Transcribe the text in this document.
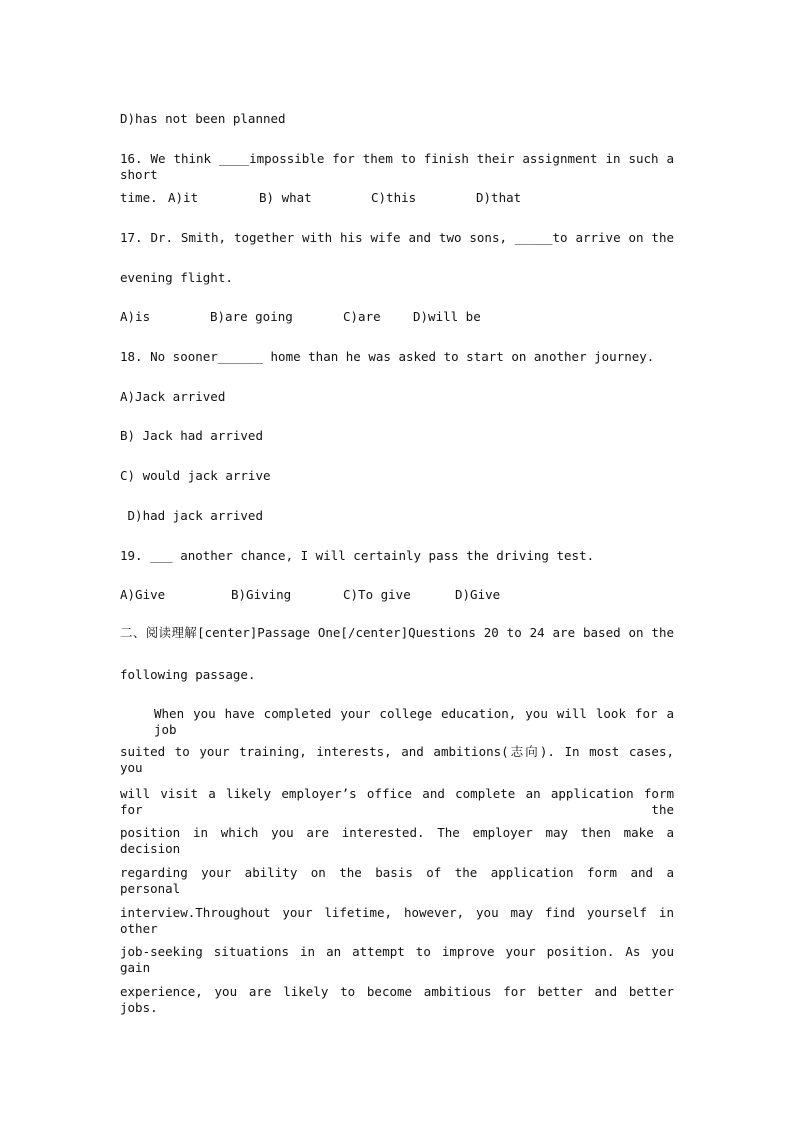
D)has not been planned
16. We think ____impossible for them to finish their assignment in such a short
time. A)it	B) what	C)this	D)that
17. Dr. Smith, together with his wife and two sons, _____to arrive on the
evening flight.
A)is	B)are going	C)are	D)will be
18. No sooner______ home than he was asked to start on another journey.
A)Jack arrived
B) Jack had arrived
C) would jack arrive
D)had jack arrived
19. ___ another chance, I will certainly pass the driving test.
A)Give	B)Giving	C)To give	D)Give
二、阅读理解[center]Passage One[/center]Questions 20 to 24 are based on the
following passage.
When you have completed your college education, you will look for a job
suited to your training, interests, and ambitions(志向). In most cases, you
will visit a likely employer’s office and complete an application form for the
position in which you are interested. The employer may then make a decision
regarding your ability on the basis of the application form and a personal
interview.Throughout your lifetime, however, you may find yourself in other
job-seeking situations in an attempt to improve your position. As you gain
experience, you are likely to become ambitious for better and better jobs.
